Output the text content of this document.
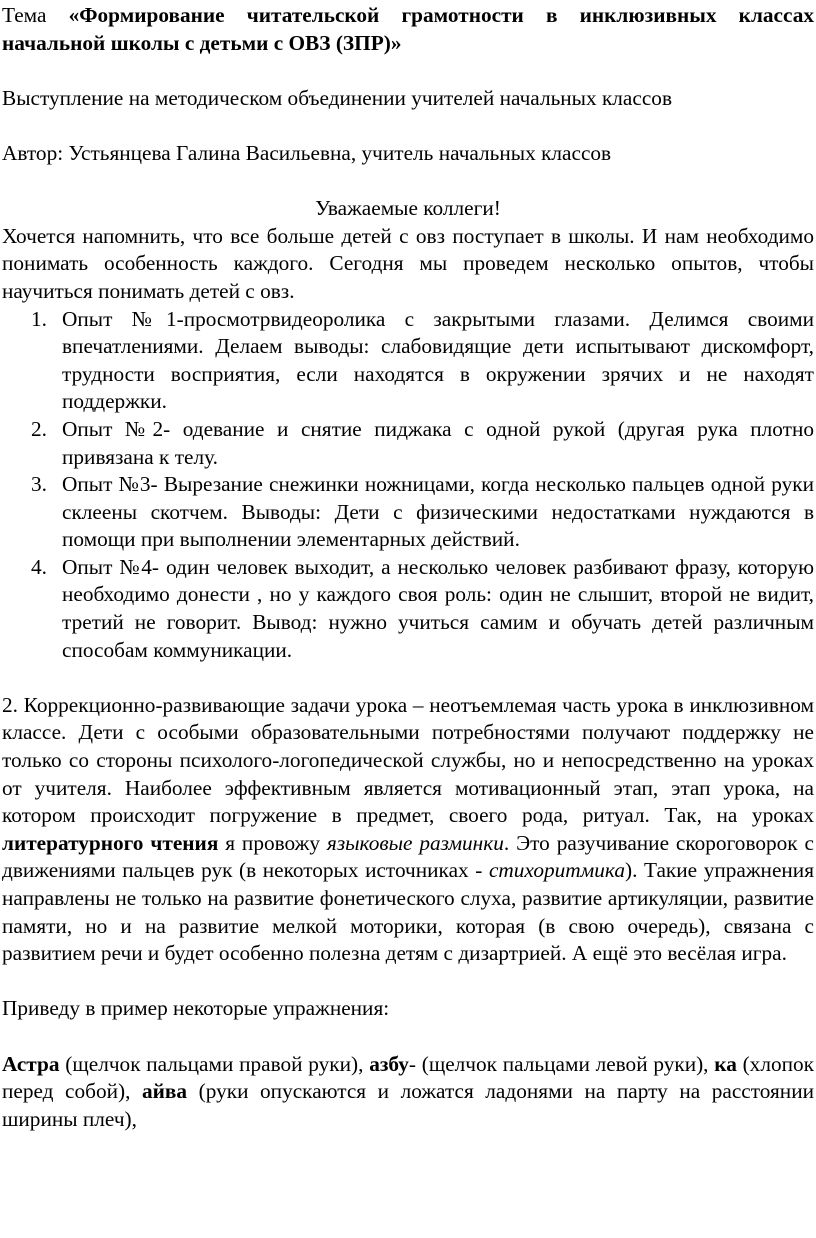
Тема «Формирование читательской грамотности в инклюзивных классах начальной школы с детьми с ОВЗ (ЗПР)»

Выступление на методическом объединении учителей начальных классов

Автор: Устьянцева Галина Васильевна, учитель начальных классов

Уважаемые коллеги!

Хочется напомнить, что все больше детей с овз поступает в школы. И нам необходимо понимать особенность каждого. Сегодня мы проведем несколько опытов, чтобы научиться понимать детей с овз.

1. Опыт №1-просмотрвидеоролика с закрытыми глазами. Делимся своими впечатлениями. Делаем выводы: слабовидящие дети испытывают дискомфорт, трудности восприятия, если находятся в окружении зрячих и не находят поддержки.
2. Опыт №2- одевание и снятие пиджака с одной рукой (другая рука плотно привязана к телу.
3. Опыт №3- Вырезание снежинки ножницами, когда несколько пальцев одной руки склеены скотчем. Выводы: Дети с физическими недостатками нуждаются в помощи при выполнении элементарных действий.
4. Опыт №4- один человек выходит, а несколько человек разбивают фразу, которую необходимо донести , но у каждого своя роль: один не слышит, второй не видит, третий не говорит. Вывод: нужно учиться самим и обучать детей различным способам коммуникации.

2. Коррекционно-развивающие задачи урока – неотъемлемая часть урока в инклюзивном классе. Дети с особыми образовательными потребностями получают поддержку не только со стороны психолого-логопедической службы, но и непосредственно на уроках от учителя. Наиболее эффективным является мотивационный этап, этап урока, на котором происходит погружение в предмет, своего рода, ритуал. Так, на уроках литературного чтения я провожу языковые разминки. Это разучивание скороговорок с движениями пальцев рук (в некоторых источниках - стихоритмика). Такие упражнения направлены не только на развитие фонетического слуха, развитие артикуляции, развитие памяти, но и на развитие мелкой моторики, которая (в свою очередь), связана с развитием речи и будет особенно полезна детям с дизартрией. А ещё это весёлая игра.

Приведу в пример некоторые упражнения:

Астра (щелчок пальцами правой руки), азбу- (щелчок пальцами левой руки), ка (хлопок перед собой), айва (руки опускаются и ложатся ладонями на парту на расстоянии ширины плеч),
